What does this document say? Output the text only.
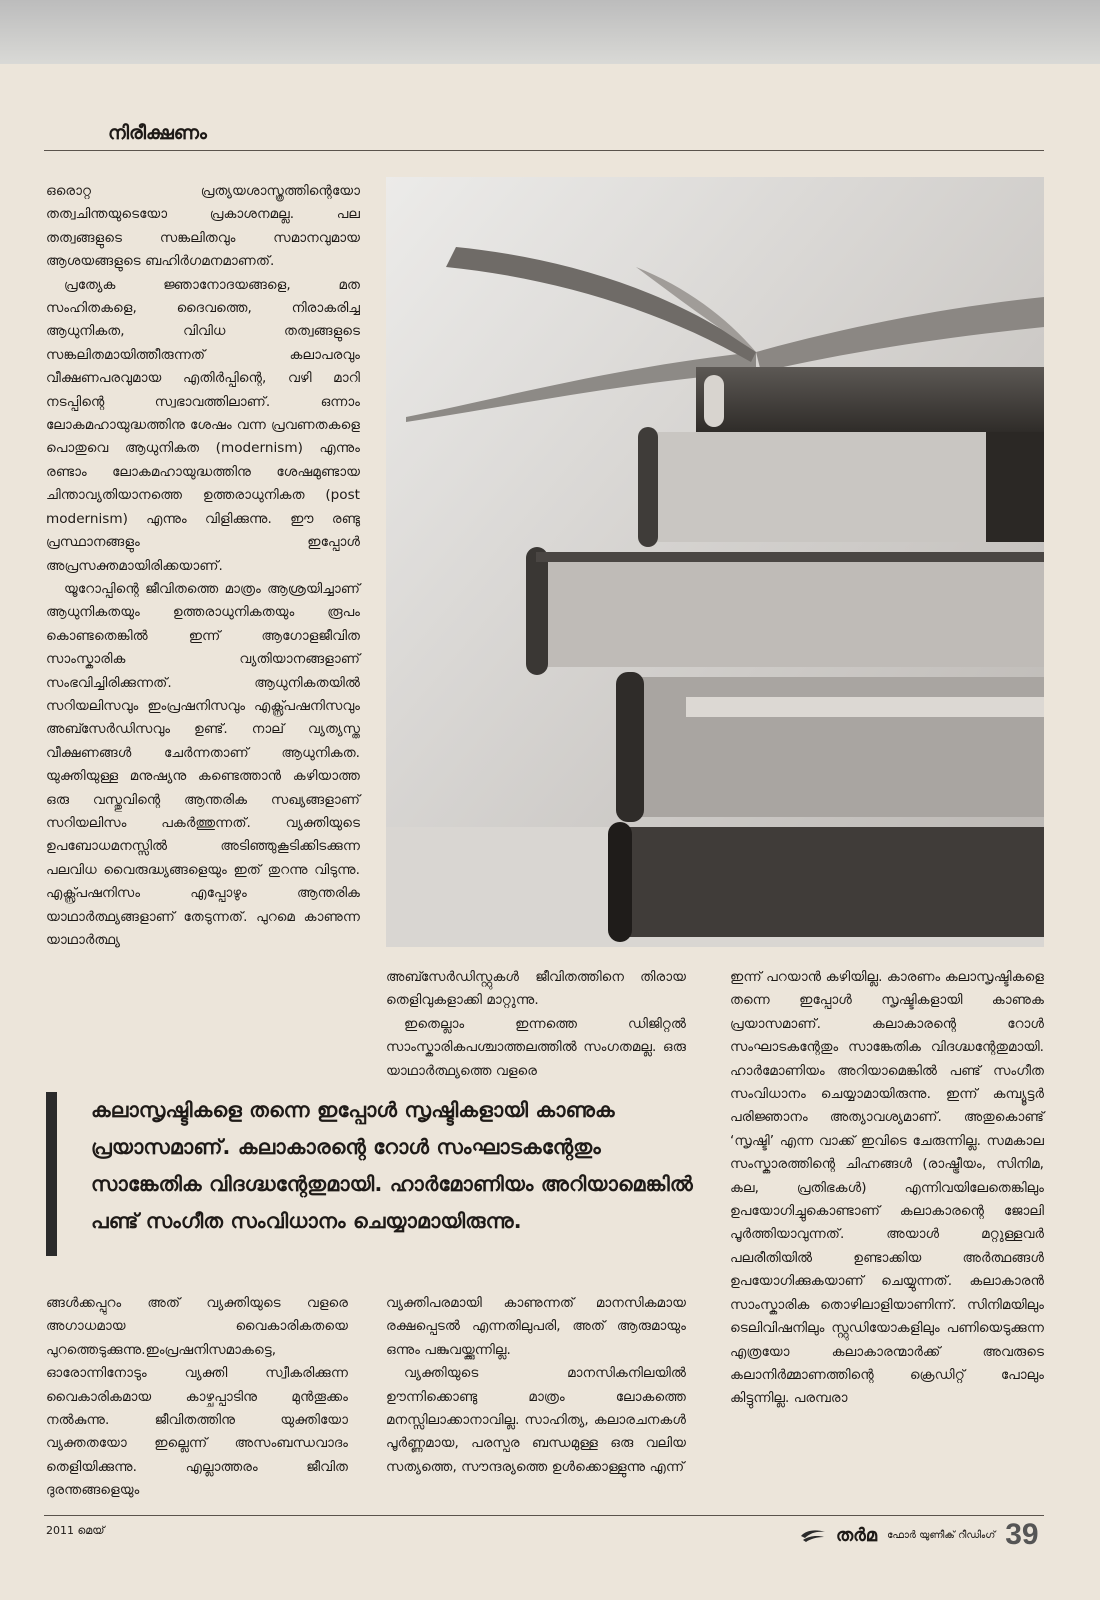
നിരീക്ഷണം

ഒരൊറ്റ പ്രത്യയശാസ്ത്രത്തിന്റെയോ തത്വചിന്തയുടെയോ പ്രകാശനമല്ല. പല തത്വങ്ങളുടെ സങ്കലിതവും സമാനവുമായ ആശയങ്ങളുടെ ബഹിർഗമനമാണത്.

പ്രത്യേക ജ്ഞാനോദയങ്ങളെ, മത സംഹിതകളെ, ദൈവത്തെ, നിരാകരിച്ച ആധുനികത, വിവിധ തത്വങ്ങളുടെ സങ്കലിതമായിത്തീരുന്നത് കലാപരവും വീക്ഷണപരവുമായ എതിർപ്പിന്റെ, വഴി മാറി നടപ്പിന്റെ സ്വഭാവത്തിലാണ്. ഒന്നാം ലോകമഹായുദ്ധത്തിനു ശേഷം വന്ന പ്രവണതകളെ പൊതുവെ ആധുനികത (modernism) എന്നും രണ്ടാം ലോകമഹായുദ്ധത്തിനു ശേഷമുണ്ടായ ചിന്താവ്യതിയാനത്തെ ഉത്തരാധുനികത (post modernism) എന്നും വിളിക്കുന്നു. ഈ രണ്ടു പ്രസ്ഥാനങ്ങളും ഇപ്പോൾ അപ്രസക്തമായിരിക്കയാണ്.

യൂറോപ്പിന്റെ ജീവിതത്തെ മാത്രം ആശ്രയിച്ചാണ് ആധുനികതയും ഉത്തരാധുനികതയും രൂപം കൊണ്ടതെങ്കിൽ ഇന്ന് ആഗോളജീവിത സാംസ്കാരിക വ്യതിയാനങ്ങളാണ് സംഭവിച്ചിരിക്കുന്നത്. ആധുനികതയിൽ സറിയലിസവും ഇംപ്രഷനിസവും എക്സ്പ്രഷനിസവും അബ്സേർഡിസവും ഉണ്ട്. നാല് വ്യത്യസ്ത വീക്ഷണങ്ങൾ ചേർന്നതാണ് ആധുനികത. യുക്തിയുള്ള മനുഷ്യനു കണ്ടെത്താൻ കഴിയാത്ത ഒരു വസ്തുവിന്റെ ആന്തരിക സഖ്യങ്ങളാണ് സറിയലിസം പകർത്തുന്നത്. വ്യക്തിയുടെ ഉപബോധമനസ്സിൽ അടിഞ്ഞുകൂടിക്കിടക്കുന്ന പലവിധ വൈരുദ്ധ്യങ്ങളെയും ഇത് തുറന്നു വിടുന്നു. എക്സ്പ്രഷനിസം എപ്പോഴും ആന്തരിക യാഥാർത്ഥ്യങ്ങളാണ് തേടുന്നത്. പുറമെ കാണുന്ന യാഥാർത്ഥ്യ

അബ്സേർഡിസ്റ്റുകൾ ജീവിതത്തിനെ തിരായ തെളിവുകളാക്കി മാറ്റുന്നു.

ഇതെല്ലാം ഇന്നത്തെ ഡിജിറ്റൽ സാംസ്കാരികപശ്ചാത്തലത്തിൽ സംഗതമല്ല. ഒരു യാഥാർത്ഥ്യത്തെ വളരെ

ഇന്ന് പറയാൻ കഴിയില്ല. കാരണം കലാസൃഷ്ടികളെ തന്നെ ഇപ്പോൾ സൃഷ്ടികളായി കാണുക പ്രയാസമാണ്. കലാകാരന്റെ റോൾ സംഘാടകന്റേതും സാങ്കേതിക വിദഗ്ദ്ധന്റേതുമായി. ഹാർമോണിയം അറിയാമെങ്കിൽ പണ്ട് സംഗീത സംവിധാനം ചെയ്യാമായിരുന്നു. ഇന്ന് കമ്പ്യൂട്ടർ പരിജ്ഞാനം അത്യാവശ്യമാണ്. അതുകൊണ്ട് ‘സൃഷ്ടി’ എന്ന വാക്ക് ഇവിടെ ചേരുന്നില്ല. സമകാല സംസ്കാരത്തിന്റെ ചിഹ്നങ്ങൾ (രാഷ്ട്രീയം, സിനിമ, കല, പ്രതിഭകൾ) എന്നിവയിലേതെങ്കിലും ഉപയോഗിച്ചുകൊണ്ടാണ് കലാകാരന്റെ ജോലി പൂർത്തിയാവുന്നത്. അയാൾ മറ്റുള്ളവർ പലരീതിയിൽ ഉണ്ടാക്കിയ അർത്ഥങ്ങൾ ഉപയോഗിക്കുകയാണ് ചെയ്യുന്നത്. കലാകാരൻ സാംസ്കാരിക തൊഴിലാളിയാണിന്ന്. സിനിമയിലും ടെലിവിഷനിലും സ്റ്റുഡിയോകളിലും പണിയെടുക്കുന്ന എത്രയോ കലാകാരന്മാർക്ക് അവരുടെ കലാനിർമ്മാണത്തിന്റെ ക്രെഡിറ്റ് പോലും കിട്ടുന്നില്ല. പരമ്പരാ

കലാസൃഷ്ടികളെ തന്നെ ഇപ്പോൾ സൃഷ്ടികളായി കാണുക പ്രയാസമാണ്. കലാകാരന്റെ റോൾ സംഘാടകന്റേതും സാങ്കേതിക വിദഗ്ദ്ധന്റേതുമായി. ഹാർമോണിയം അറിയാമെങ്കിൽ പണ്ട് സംഗീത സംവിധാനം ചെയ്യാമായിരുന്നു.

ങ്ങൾക്കപ്പുറം അത് വ്യക്തിയുടെ വളരെ അഗാധമായ വൈകാരികതയെ പുറത്തെടുക്കുന്നു.ഇംപ്രഷനിസമാകട്ടെ, ഓരോന്നിനോടും വ്യക്തി സ്വീകരിക്കുന്ന വൈകാരികമായ കാഴ്ചപ്പാടിനു മുൻതൂക്കം നൽകുന്നു. ജീവിതത്തിനു യുക്തിയോ വ്യക്തതയോ ഇല്ലെന്ന് അസംബന്ധവാദം തെളിയിക്കുന്നു. എല്ലാത്തരം ജീവിത ദുരന്തങ്ങളെയും

വ്യക്തിപരമായി കാണുന്നത് മാനസികമായ രക്ഷപ്പെടൽ എന്നതിലുപരി, അത് ആരുമായും ഒന്നും പങ്കുവയ്ക്കുന്നില്ല.

വ്യക്തിയുടെ മാനസികനിലയിൽ ഊന്നിക്കൊണ്ടു മാത്രം ലോകത്തെ മനസ്സിലാക്കാനാവില്ല. സാഹിത്യ, കലാരചനകൾ പൂർണ്ണമായ, പരസ്പര ബന്ധമുള്ള ഒരു വലിയ സത്യത്തെ, സൗന്ദര്യത്തെ ഉൾക്കൊള്ളുന്നു എന്ന്

2011 മെയ്	തർമ ഫോർ യുണീക് റീഡിംഗ് 39
